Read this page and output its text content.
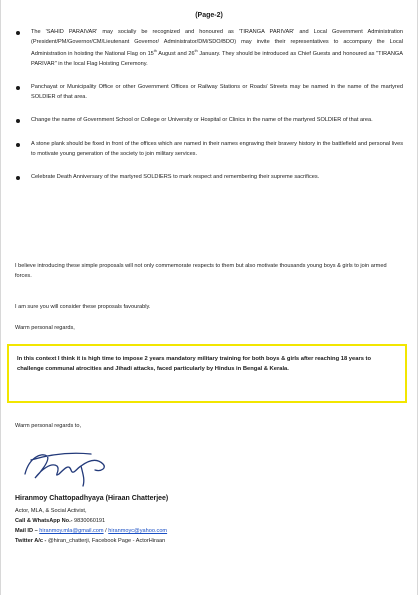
(Page-2)
The 'SAHID PARAIVAR' may socially be recognized and honoured as 'TIRANGA PARIVAR' and Local Government Administration (President/PM/Governor/CM/Lieutenant Governor/ Administrator/DM/SDO/BDO) may invite their representatives to accompany the Local Administration in hoisting the National Flag on 15th August and 26th January. They should be introduced as Chief Guests and honoured as "TIRANGA PARIVAR" in the local Flag Hoisting Ceremony.
Panchayat or Municipality Office or other Government Offices or Railway Stations or Roads/ Streets may be named in the name of the martyred SOLDIER of that area.
Change the name of Government School or College or University or Hospital or Clinics in the name of the martyred SOLDIER of that area.
A stone plank should be fixed in front of the offices which are named in their names engraving their bravery history in the battlefield and personal lives to motivate young generation of the society to join military services.
Celebrate Death Anniversary of the martyred SOLDIERS to mark respect and remembering their supreme sacrifices.

I believe introducing these simple proposals will not only commemorate respects to them but also motivate thousands young boys & girls to join armed forces.

I am sure you will consider these proposals favourably.

Warm personal regards,

In this context I think it is high time to impose 2 years mandatory military training for both boys & girls after reaching 18 years to challenge communal atrocities and Jihadi attacks, faced particularly by Hindus in Bengal & Kerala.

Warm personal regards to,

Hiranmoy Chattopadhyaya (Hiraan Chatterjee)
Actor, MLA, & Social Activist,
Call & WhatsApp No.- 9830060191
Mail ID – hiranmoy.mla@gmail.com / hiranmoyc@yahoo.com
Twitter A/c - @hiran_chatterji, Facebook Page - ActorHiraan
